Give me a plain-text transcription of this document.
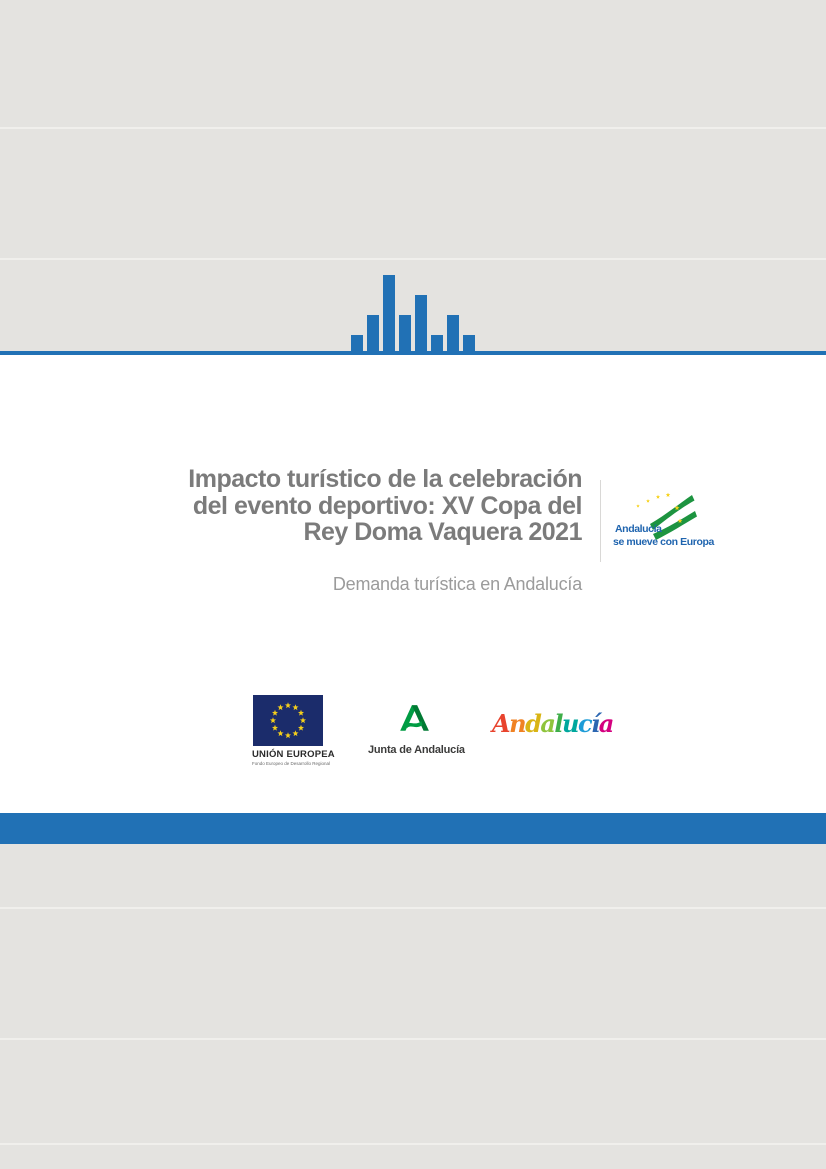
Impacto turístico de la celebración
del evento deportivo: XV Copa del
Rey Doma Vaquera 2021
Demanda turística en Andalucía
Andalucía
se mueve con Europa
UNIÓN EUROPEA
Fondo Europeo de Desarrollo Regional
Junta de Andalucía
Andalucía
